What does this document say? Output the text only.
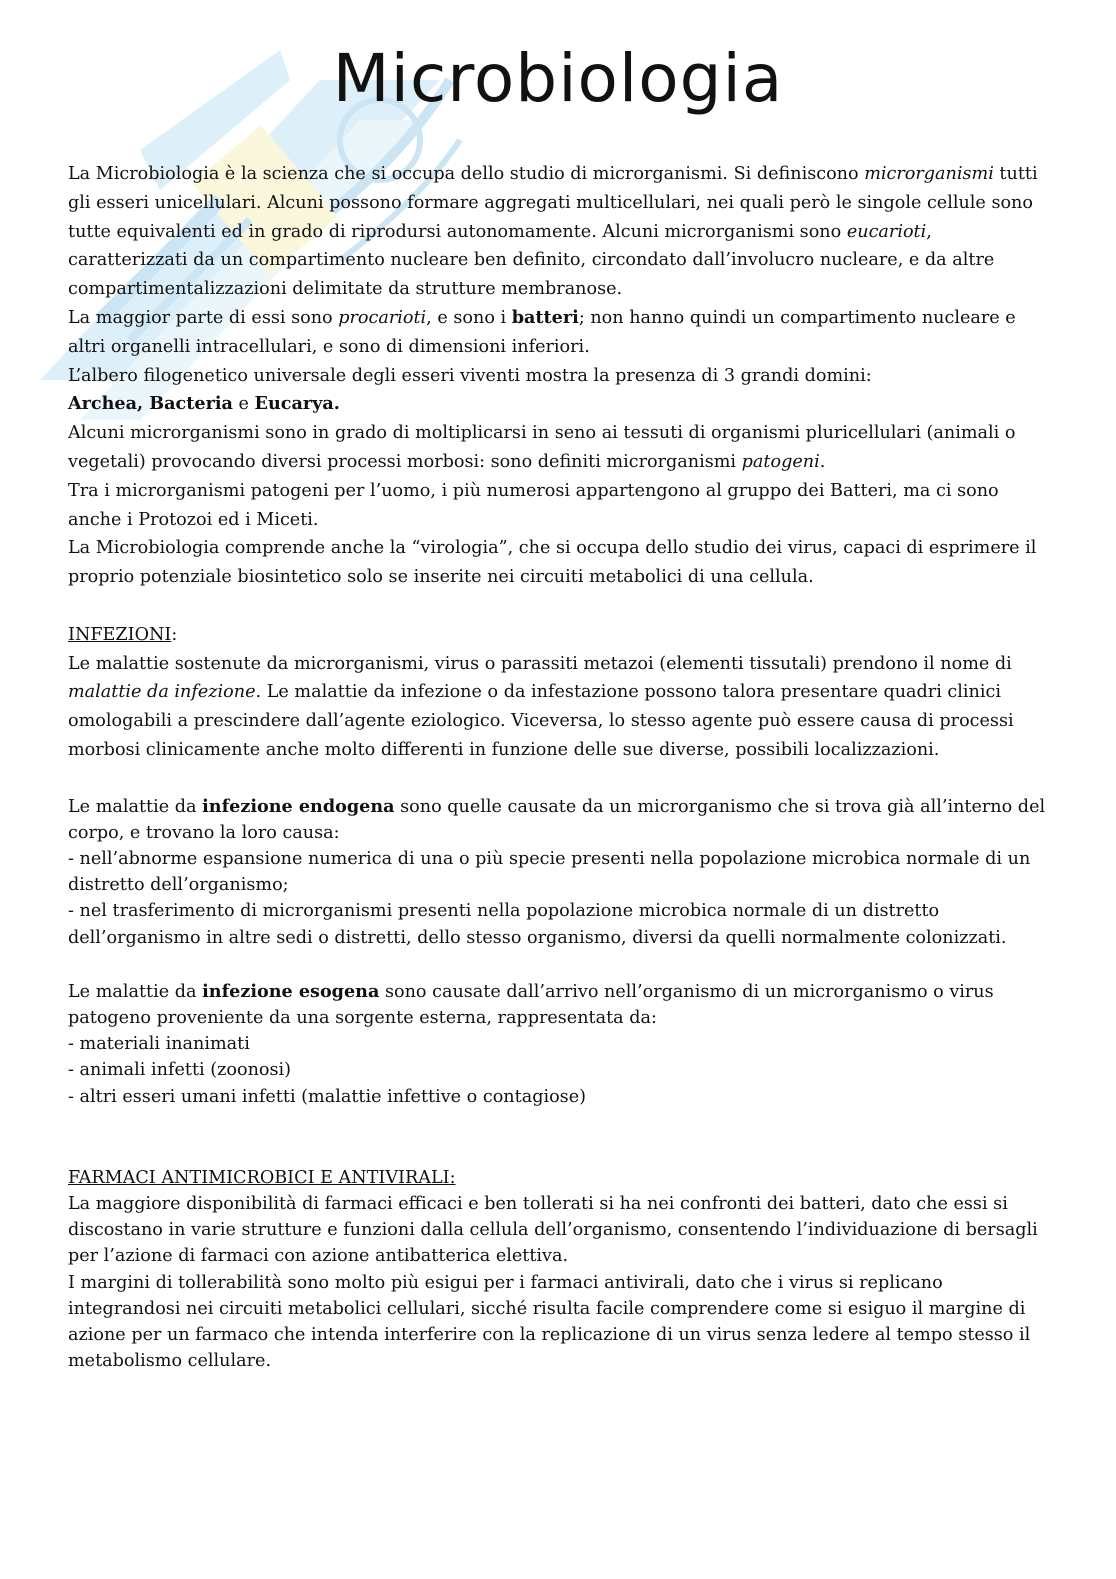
Microbiologia

La Microbiologia è la scienza che si occupa dello studio di microrganismi. Si definiscono microrganismi tutti gli esseri unicellulari. Alcuni possono formare aggregati multicellulari, nei quali però le singole cellule sono tutte equivalenti ed in grado di riprodursi autonomamente. Alcuni microrganismi sono eucarioti, caratterizzati da un compartimento nucleare ben definito, circondato dall’involucro nucleare, e da altre compartimentalizzazioni delimitate da strutture membranose.

La maggior parte di essi sono procarioti, e sono i batteri; non hanno quindi un compartimento nucleare e altri organelli intracellulari, e sono di dimensioni inferiori.

L’albero filogenetico universale degli esseri viventi mostra la presenza di 3 grandi domini:

Archea, Bacteria e Eucarya.

Alcuni microrganismi sono in grado di moltiplicarsi in seno ai tessuti di organismi pluricellulari (animali o vegetali) provocando diversi processi morbosi: sono definiti microrganismi patogeni.

Tra i microrganismi patogeni per l’uomo, i più numerosi appartengono al gruppo dei Batteri, ma ci sono anche i Protozoi ed i Miceti.

La Microbiologia comprende anche la “virologia”, che si occupa dello studio dei virus, capaci di esprimere il proprio potenziale biosintetico solo se inserite nei circuiti metabolici di una cellula.

INFEZIONI:

Le malattie sostenute da microrganismi, virus o parassiti metazoi (elementi tissutali) prendono il nome di malattie da infezione. Le malattie da infezione o da infestazione possono talora presentare quadri clinici omologabili a prescindere dall’agente eziologico. Viceversa, lo stesso agente può essere causa di processi morbosi clinicamente anche molto differenti in funzione delle sue diverse, possibili localizzazioni.

Le malattie da infezione endogena sono quelle causate da un microrganismo che si trova già all’interno del corpo, e trovano la loro causa:

- nell’abnorme espansione numerica di una o più specie presenti nella popolazione microbica normale di un distretto dell’organismo;

- nel trasferimento di microrganismi presenti nella popolazione microbica normale di un distretto dell’organismo in altre sedi o distretti, dello stesso organismo, diversi da quelli normalmente colonizzati.

Le malattie da infezione esogena sono causate dall’arrivo nell’organismo di un microrganismo o virus patogeno proveniente da una sorgente esterna, rappresentata da:

- materiali inanimati

- animali infetti (zoonosi)

- altri esseri umani infetti (malattie infettive o contagiose)

FARMACI ANTIMICROBICI E ANTIVIRALI:

La maggiore disponibilità di farmaci efficaci e ben tollerati si ha nei confronti dei batteri, dato che essi si discostano in varie strutture e funzioni dalla cellula dell’organismo, consentendo l’individuazione di bersagli per l’azione di farmaci con azione antibatterica elettiva.

I margini di tollerabilità sono molto più esigui per i farmaci antivirali, dato che i virus si replicano integrandosi nei circuiti metabolici cellulari, sicché risulta facile comprendere come si esiguo il margine di azione per un farmaco che intenda interferire con la replicazione di un virus senza ledere al tempo stesso il metabolismo cellulare.
